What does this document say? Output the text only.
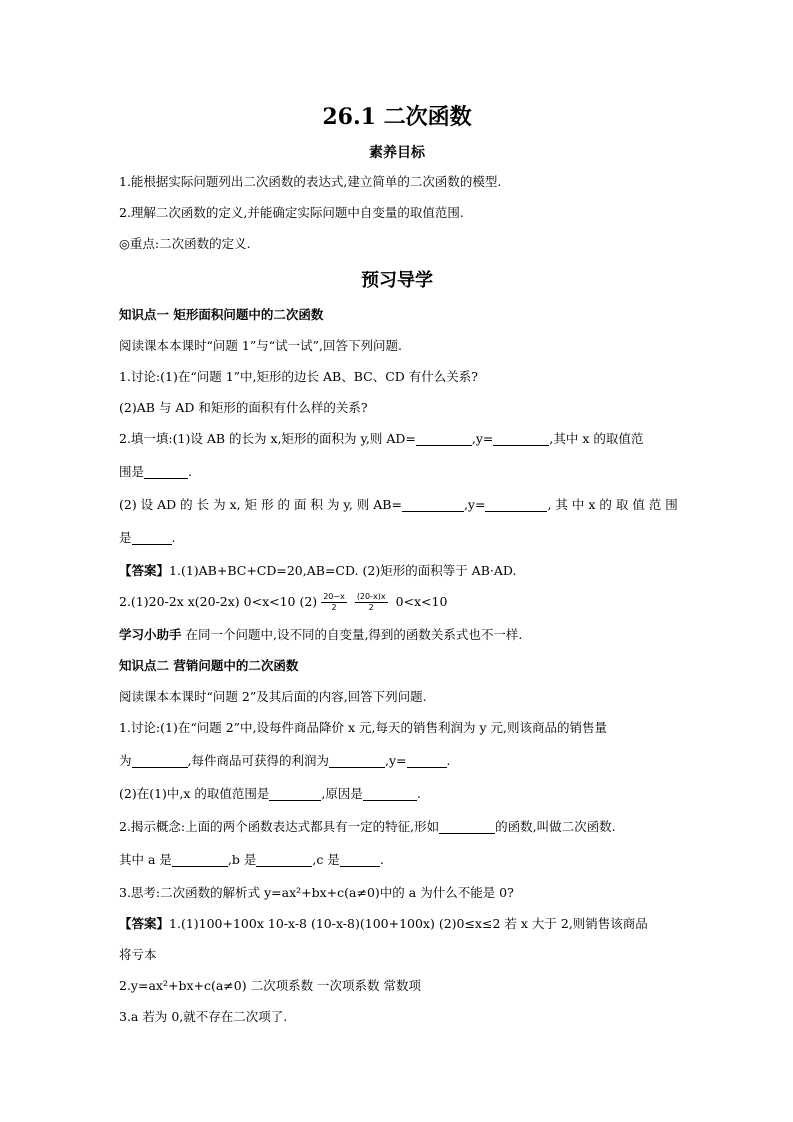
26.1 二次函数
素养目标
1.能根据实际问题列出二次函数的表达式,建立简单的二次函数的模型.
2.理解二次函数的定义,并能确定实际问题中自变量的取值范围.
◎重点:二次函数的定义.
预习导学
知识点一 矩形面积问题中的二次函数
阅读课本本课时“问题 1”与“试一试”,回答下列问题.
1.讨论:(1)在“问题 1”中,矩形的边长 AB、BC、CD 有什么关系?
(2)AB 与 AD 和矩形的面积有什么样的关系?
2.填一填:(1)设 AB 的长为 x,矩形的面积为 y,则 AD=	,y=	,其中 x 的取值范
围是	.
(2) 设 AD 的 长 为 x, 矩 形 的 面 积 为 y, 则 AB=	,y=	, 其 中 x 的 取 值 范 围
是	.
【答案】1.(1)AB+BC+CD=20,AB=CD. (2)矩形的面积等于 AB·AD.
2.(1)20-2x x(20-2x) 0<x<10 $(2) \frac{20-x}{2} \frac{(20-x)x}{2} 0<x<10$
学习小助手 在同一个问题中,设不同的自变量,得到的函数关系式也不一样.
知识点二 营销问题中的二次函数
阅读课本本课时“问题 2”及其后面的内容,回答下列问题.
1.讨论:(1)在“问题 2”中,设每件商品降价 x 元,每天的销售利润为 y 元,则该商品的销售量
为	,每件商品可获得的利润为	,y=	.
(2)在(1)中,x 的取值范围是	,原因是	.
2.揭示概念:上面的两个函数表达式都具有一定的特征,形如	的函数,叫做二次函数.
其中 a 是	,b 是	,c 是	.
3.思考:二次函数的解析式 y=ax²+bx+c(a≠0)中的 a 为什么不能是 0?
【答案】1.(1)100+100x 10-x-8 (10-x-8)(100+100x) (2)0≤x≤2 若 x 大于 2,则销售该商品
将亏本
2.y=ax²+bx+c(a≠0) 二次项系数 一次项系数 常数项
3.a 若为 0,就不存在二次项了.
